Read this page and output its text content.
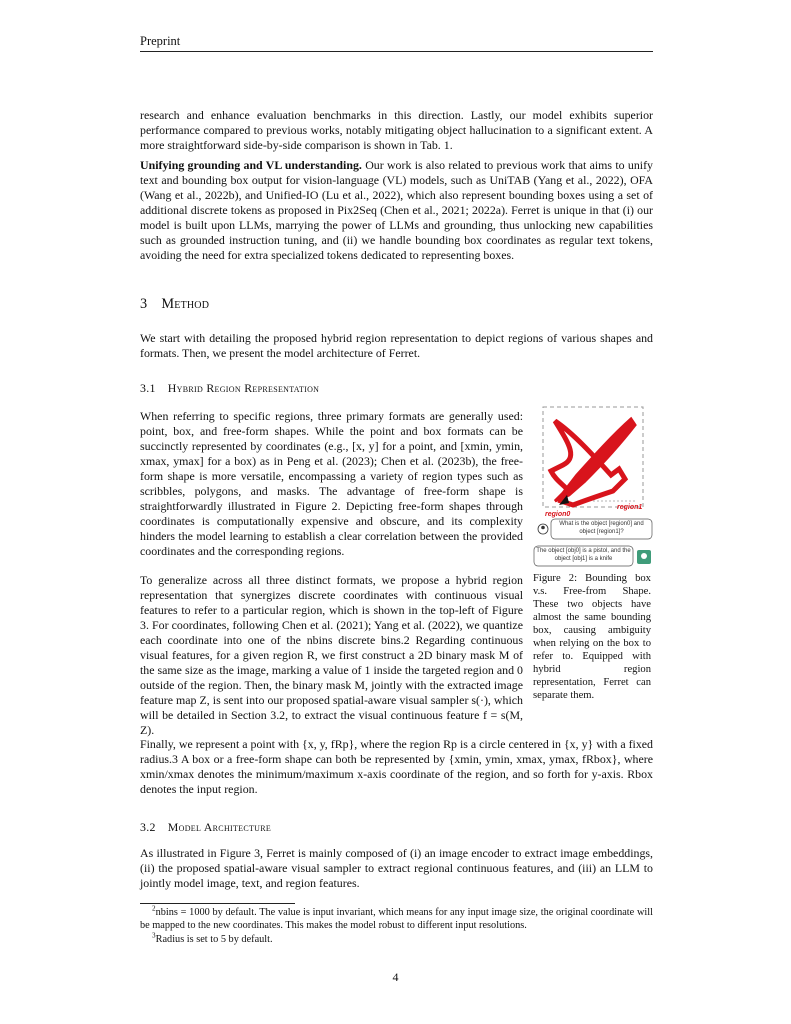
Preprint
research and enhance evaluation benchmarks in this direction. Lastly, our model exhibits superior performance compared to previous works, notably mitigating object hallucination to a significant extent. A more straightforward side-by-side comparison is shown in Tab. 1.
Unifying grounding and VL understanding. Our work is also related to previous work that aims to unify text and bounding box output for vision-language (VL) models, such as UniTAB (Yang et al., 2022), OFA (Wang et al., 2022b), and Unified-IO (Lu et al., 2022), which also represent bounding boxes using a set of additional discrete tokens as proposed in Pix2Seq (Chen et al., 2021; 2022a). Ferret is unique in that (i) our model is built upon LLMs, marrying the power of LLMs and grounding, thus unlocking new capabilities such as grounded instruction tuning, and (ii) we handle bounding box coordinates as regular text tokens, avoiding the need for extra specialized tokens dedicated to representing boxes.
3 Method
We start with detailing the proposed hybrid region representation to depict regions of various shapes and formats. Then, we present the model architecture of Ferret.
3.1 Hybrid Region Representation
When referring to specific regions, three primary formats are generally used: point, box, and free-form shapes. While the point and box formats can be succinctly represented by coordinates (e.g., [x, y] for a point, and [xmin, ymin, xmax, ymax] for a box) as in Peng et al. (2023); Chen et al. (2023b), the free-form shape is more versatile, encompassing a variety of region types such as scribbles, polygons, and masks. The advantage of free-form shape is straightforwardly illustrated in Figure 2. Depicting free-form shapes through coordinates is computationally expensive and obscure, and its complexity hinders the model learning to establish a clear correlation between the provided coordinates and the corresponding regions.
To generalize across all three distinct formats, we propose a hybrid region representation that synergizes discrete coordinates with continuous visual features to refer to a particular region, which is shown in the top-left of Figure 3. For coordinates, following Chen et al. (2021); Yang et al. (2022), we quantize each coordinate into one of the nbins discrete bins.2 Regarding continuous visual features, for a given region R, we first construct a 2D binary mask M of the same size as the image, marking a value of 1 inside the targeted region and 0 outside of the region. Then, the binary mask M, jointly with the extracted image feature map Z, is sent into our proposed spatial-aware visual sampler s(·), which will be detailed in Section 3.2, to extract the visual continuous feature f = s(M, Z).
Finally, we represent a point with {x, y, fRp}, where the region Rp is a circle centered in {x, y} with a fixed radius.3 A box or a free-form shape can both be represented by {xmin, ymin, xmax, ymax, fRbox}, where xmin/xmax denotes the minimum/maximum x-axis coordinate of the region, and so forth for y-axis. Rbox denotes the input region.
region1
region0
What is the object [region0] and object [region1]?
The object [obj0] is a pistol, and the object [obj1] is a knife
Figure 2: Bounding box v.s. Free-from Shape. These two objects have almost the same bounding box, causing ambiguity when relying on the box to refer to. Equipped with hybrid region representation, Ferret can separate them.
3.2 Model Architecture
As illustrated in Figure 3, Ferret is mainly composed of (i) an image encoder to extract image embeddings, (ii) the proposed spatial-aware visual sampler to extract regional continuous features, and (iii) an LLM to jointly model image, text, and region features.
$^2$nbins = 1000 by default. The value is input invariant, which means for any input image size, the original coordinate will be mapped to the new coordinates. This makes the model robust to different input resolutions.
$^3$Radius is set to 5 by default.
4
